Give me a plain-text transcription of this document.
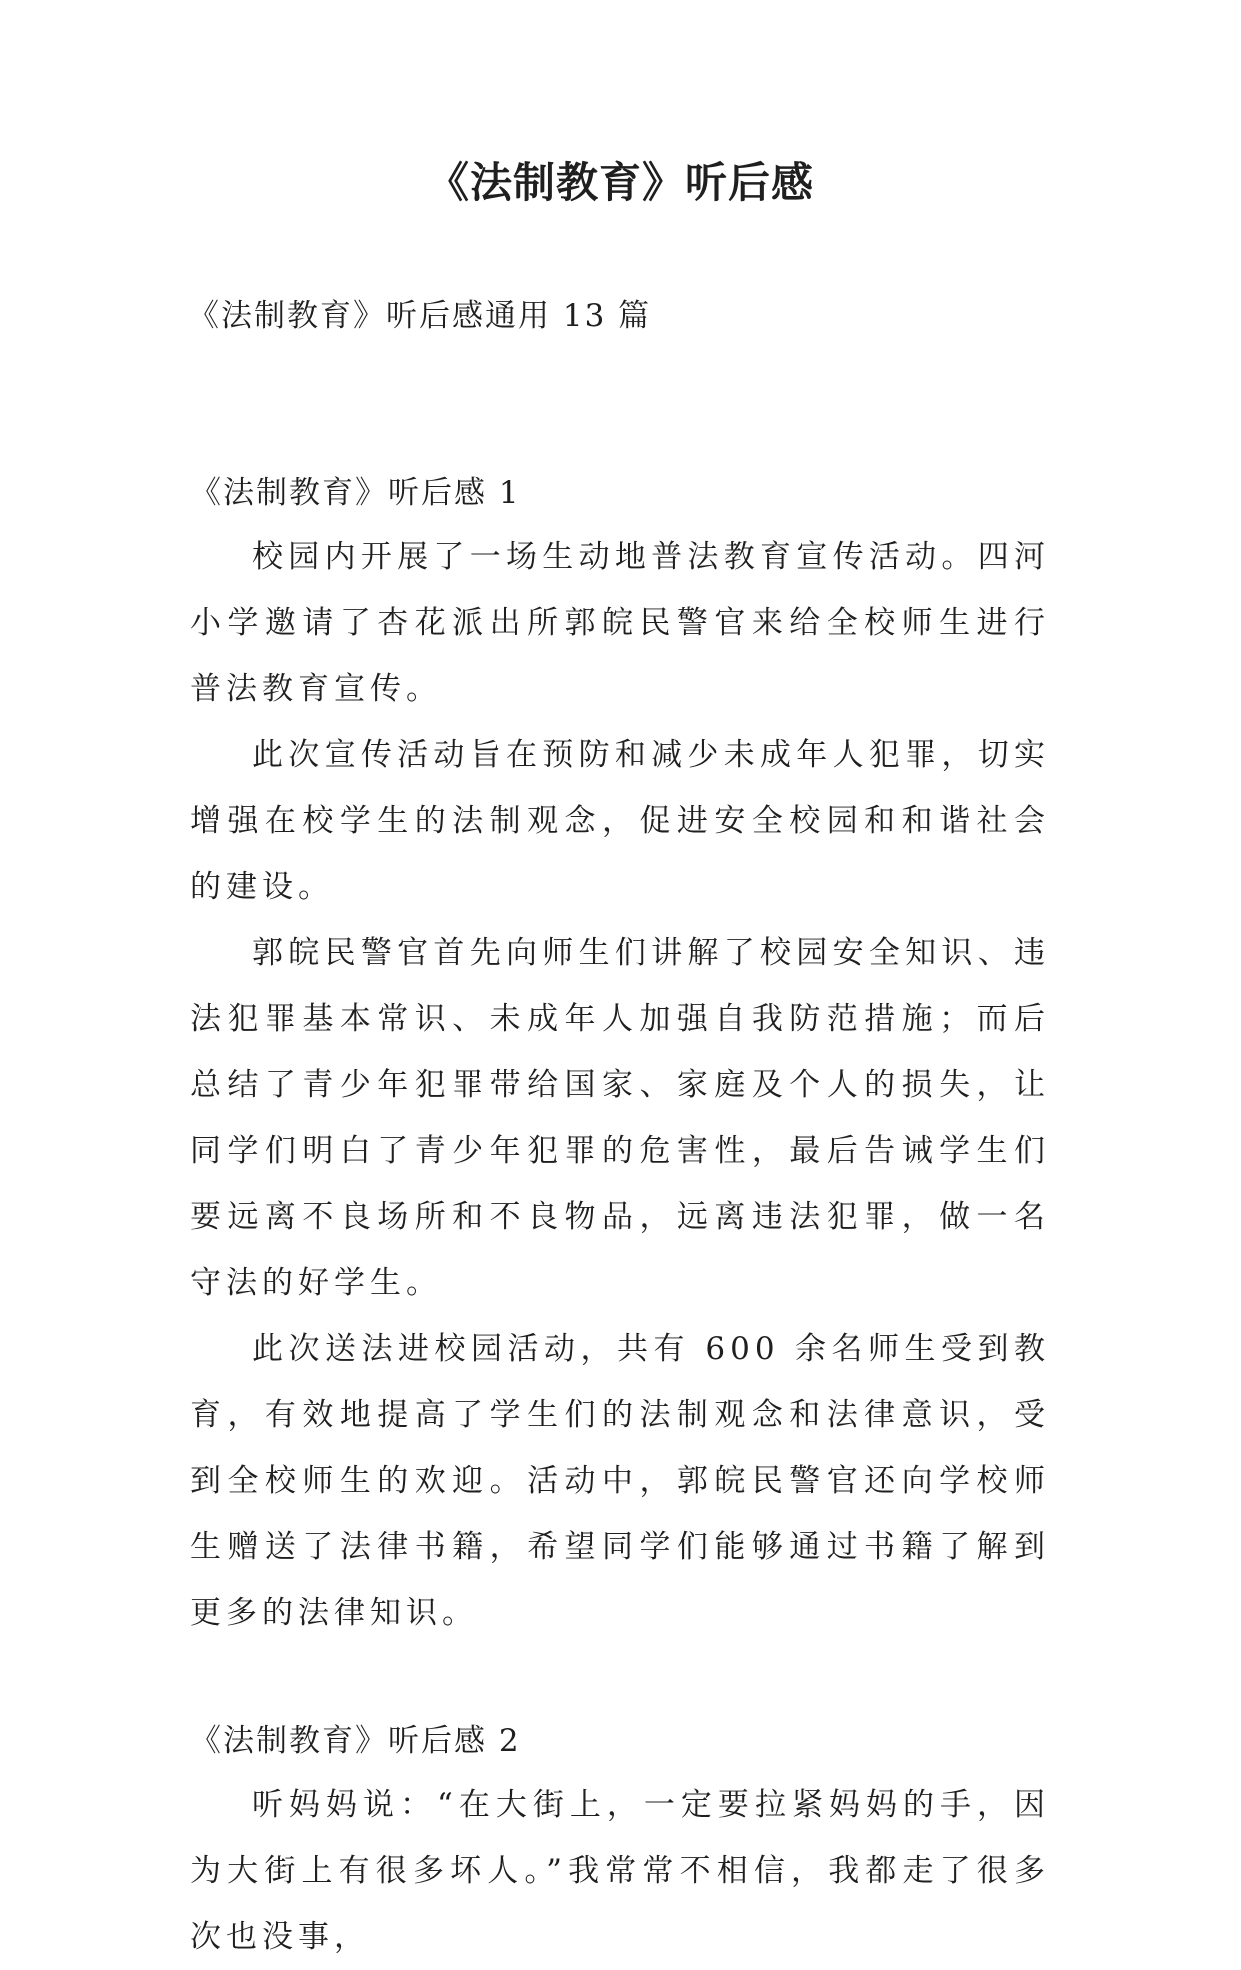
《法制教育》听后感

《法制教育》听后感通用 13 篇

《法制教育》听后感 1

校园内开展了一场生动地普法教育宣传活动。四河小学邀请了杏花派出所郭皖民警官来给全校师生进行普法教育宣传。

此次宣传活动旨在预防和减少未成年人犯罪，切实增强在校学生的法制观念，促进安全校园和和谐社会的建设。

郭皖民警官首先向师生们讲解了校园安全知识、违法犯罪基本常识、未成年人加强自我防范措施；而后总结了青少年犯罪带给国家、家庭及个人的损失，让同学们明白了青少年犯罪的危害性，最后告诫学生们要远离不良场所和不良物品，远离违法犯罪，做一名守法的好学生。

此次送法进校园活动，共有 600 余名师生受到教育，有效地提高了学生们的法制观念和法律意识，受到全校师生的欢迎。活动中，郭皖民警官还向学校师生赠送了法律书籍，希望同学们能够通过书籍了解到更多的法律知识。

《法制教育》听后感 2

听妈妈说：“在大街上，一定要拉紧妈妈的手，因为大街上有很多坏人。”我常常不相信，我都走了很多次也没事，
